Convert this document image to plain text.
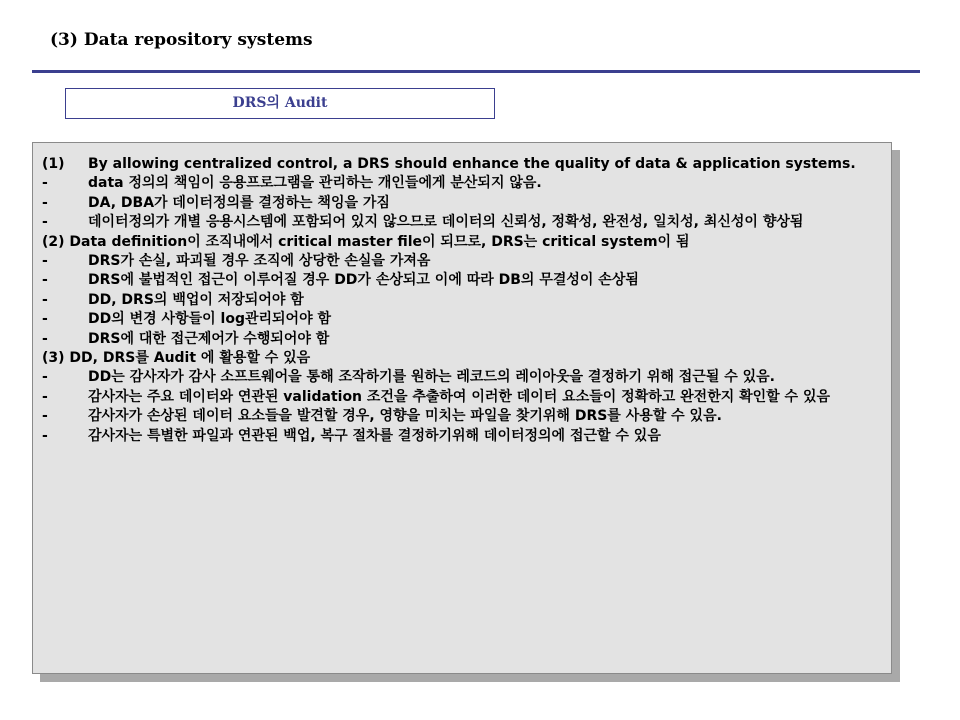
(3) Data repository systems
DRS의 Audit
(1)	By allowing centralized control, a DRS should enhance the quality of data & application systems.
-	data 정의의 책임이 응용프로그램을 관리하는 개인들에게 분산되지 않음.
-	DA, DBA가 데이터정의를 결정하는 책잉을 가짐
-	데이터정의가 개별 응용시스템에 포함되어 있지 않으므로 데이터의 신뢰성, 정확성, 완전성, 일치성, 최신성이 향상됨
(2) Data definition이 조직내에서 critical master file이 되므로, DRS는 critical system이 됨
-	DRS가 손실, 파괴될 경우 조직에 상당한 손실을 가져옴
-	DRS에 불법적인 접근이 이루어질 경우 DD가 손상되고 이에 따라 DB의 무결성이 손상됨
-	DD, DRS의 백업이 저장되어야 함
-	DD의 변경 사항들이 log관리되어야 함
-	DRS에 대한 접근제어가 수행되어야 함
(3) DD, DRS를 Audit 에 활용할 수 있음
-	DD는 감사자가 감사 소프트웨어을 통해 조작하기를 원하는 레코드의 레이아웃을 결정하기 위해 접근될 수 있음.
-	감사자는 주요 데이터와 연관된 validation 조건을 추출하여 이러한 데이터 요소들이 정확하고 완전한지 확인할 수 있음
-	감사자가 손상된 데이터 요소들을 발견할 경우, 영향을 미치는 파일을 찾기위해 DRS를 사용할 수 있음.
-	감사자는 특별한 파일과 연관된 백업, 복구 절차를 결정하기위해 데이터정의에 접근할 수 있음
